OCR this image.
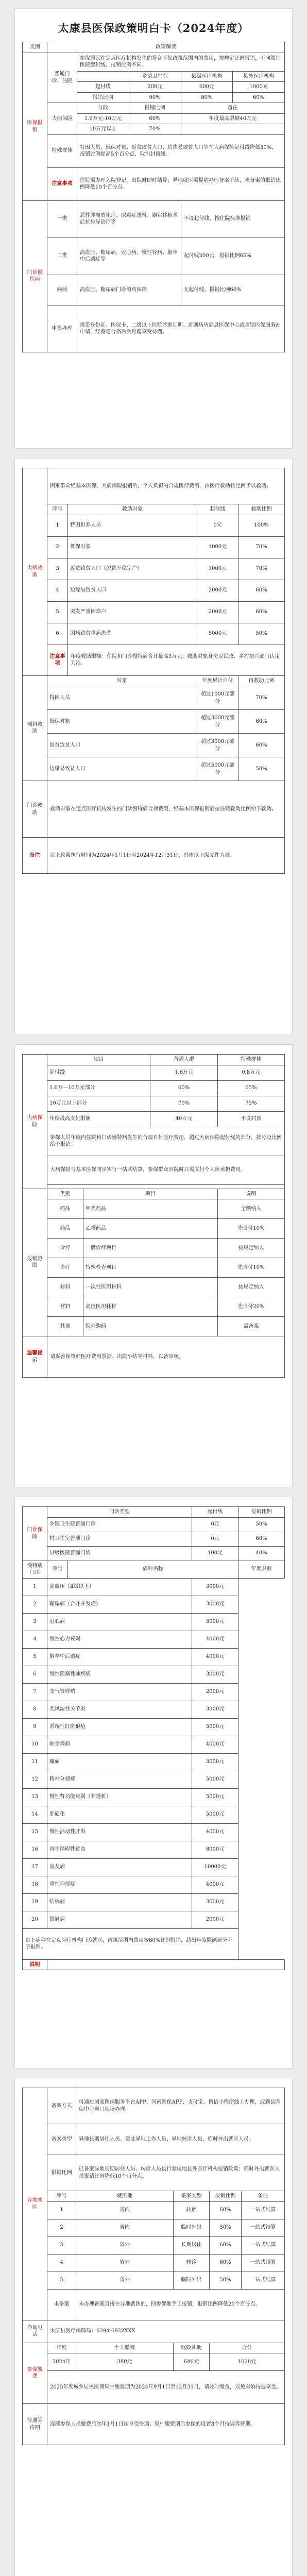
太康县医保政策明白卡（2024年度）
类别	政策解读				
医保报销	普通门诊、住院	参保居民在定点医疗机构发生的符合医保政策范围内的费用，按规定比例报销，不同级别医院起付线、报销比例不同。			
			乡镇卫生院	县级医疗机构	县外医疗机构
		起付线	200元	600元	1000元
		报销比例	90%	80%	60%
	大病保险	分段	报销比例	备注	
		1.6万元-10万元	60%	年度最高限额40万元	
		10万元以上	70%		
	特殊群体	特困人员、低保对象、返贫致贫人口、边缘易致贫人口等在大病保险起付线降低50%，报销比例提高5个百分点，取消封顶线。			
	注意事项	住院需办理入院登记，出院时即时结算；异地就医需提前办理备案手续，未备案的报销比例降低10个百分点。			
门诊慢特病	一类	恶性肿瘤放化疗、尿毒症透析、器官移植术后抗排异治疗等		不设起付线，按住院标准报销	
	二类	高血压、糖尿病、冠心病、慢性肾病、脑卒中后遗症等		起付线200元，报销比例65%	
	两病	高血压、糖尿病门诊用药保障		无起付线，报销比例60%	
	申报办理	携带身份证、医保卡、二级以上医院诊断证明、近期病历到县医保中心或乡镇医保服务站申请，经鉴定合格后次月起享受待遇。			
大病救助	困难群众经基本医保、大病保险报销后，个人负担的合规医疗费用，由医疗救助按比例予以救助。			
	序号	救助对象	起付线	救助比例
	1	特困供养人员	0元	100%
	2	低保对象	1000元	70%
	3	返贫致贫人口（脱贫不稳定户）	1000元	70%
	4	边缘易致贫人口	2000元	60%
	5	突发严重困难户	2000元	60%
	6	因病致贫重病患者	5000元	50%
	注意事项	年度救助限额：住院和门诊慢特病合计最高3万元；救助对象身份以民政、乡村振兴部门认定为准。		
倾斜救助	对象		年度累计自付	再救助比例
	特困人员		超过1000元部分	70%
	低保对象		超过3000元部分	60%
	返贫致贫人口		超过3000元部分	60%
	边缘易致贫人口		超过5000元部分	50%
门诊救助	救助对象在定点医疗机构发生的门诊慢特病合规费用，经基本医保报销后按住院救助比例给予救助。			
备注	以上政策执行时间为2024年1月1日至2024年12月31日，具体以上级文件为准。			
大病保险	项目		普通人群	特殊群体
	起付线		1.6万元	0.8万元
	1.6万—10万元部分		60%	65%
	10万元以上部分		70%	75%
	年度最高支付限额		40万元	不设封顶
	参保人员年度内住院和门诊慢特病发生的合规自付医疗费用，超过大病保险起付线的部分，按分段比例给予报销。			
	大病保险与基本医保同步实行一站式结算，参保群众出院时只需支付个人应承担费用。			

报销范围	类别	项目		说明
	药品	甲类药品		全额纳入
	药品	乙类药品		先自付10%
	诊疗	一般诊疗项目		按规定纳入
	诊疗	特殊检查项目		先自付10%
	材料	一次性医用材料		按规定纳入
	材料	高值医用耗材		先自付20%
	其他	院外购药		需备案
温馨提示	请妥善保管好医疗费用票据、出院小结等材料，以备审核。			
门诊保障	门诊类型		起付线	报销比例
	乡镇卫生院普通门诊		0元	50%
	村卫生室普通门诊		0元	60%
	县级医院普通门诊		100元	40%
慢特病门诊	序号	病种名称		年度限额
1	高血压（Ⅱ级以上）		3000元	
2	糖尿病（合并并发症）		3000元	
3	冠心病		3000元	
4	慢性心力衰竭		4000元	
5	脑卒中后遗症		4000元	
6	慢性阻塞性肺疾病		3000元	
7	支气管哮喘		2000元	
8	类风湿性关节炎		3000元	
9	系统性红斑狼疮		5000元	
10	帕金森病		4000元	
11	癫痫		3000元	
12	精神分裂症		5000元	
13	慢性肾功能衰竭（非透析）		5000元	
14	肝硬化		5000元	
15	慢性活动性肝炎		4000元	
16	再生障碍性贫血		8000元	
17	血友病		10000元	
18	重性抑郁症		4000元	
19	结核病		3000元	
20	银屑病		2000元	
以上病种在定点医疗机构门诊就医，政策范围内费用按60%比例报销，超出年度限额部分不予报销。				
说明				
异地就医	备案方式	可通过国家医保服务平台APP、河南医保APP、支付宝、微信小程序线上办理，或到县医保中心窗口现场办理。			
	备案类型	异地长期居住人员、常驻异地工作人员、异地转诊人员、临时外出就医人员。			
	报销比例	已备案异地长期居住人员、转诊人员执行参保地县外医疗机构报销政策；临时外出就医人员报销比例降低10个百分点。			
	序号	就医地	备案类型	报销比例	备注
	1	省内	转诊	60%	一站式结算
	2	省内	临时外出	50%	一站式结算
	3	省外	长期居住	60%	一站式结算
	4	省外	转诊	60%	一站式结算
	5	省外	临时外出	50%	一站式结算
	未备案	未办理备案直接在异地就医的，回参保地手工报销，报销比例降低20个百分点。			
咨询电话	太康县医疗保障局：0394-6822XXX				
参保缴费	年度	个人缴费	财政补助	合计	
	2024年	380元	640元	1020元	
	2025年度城乡居民医保集中缴费期为2024年9月1日至12月31日，请及时缴费，以免影响待遇享受。				
待遇等待期	连续参保人员缴费后次年1月1日起享受待遇；集中缴费期后参保的设置3个月待遇等待期。				
